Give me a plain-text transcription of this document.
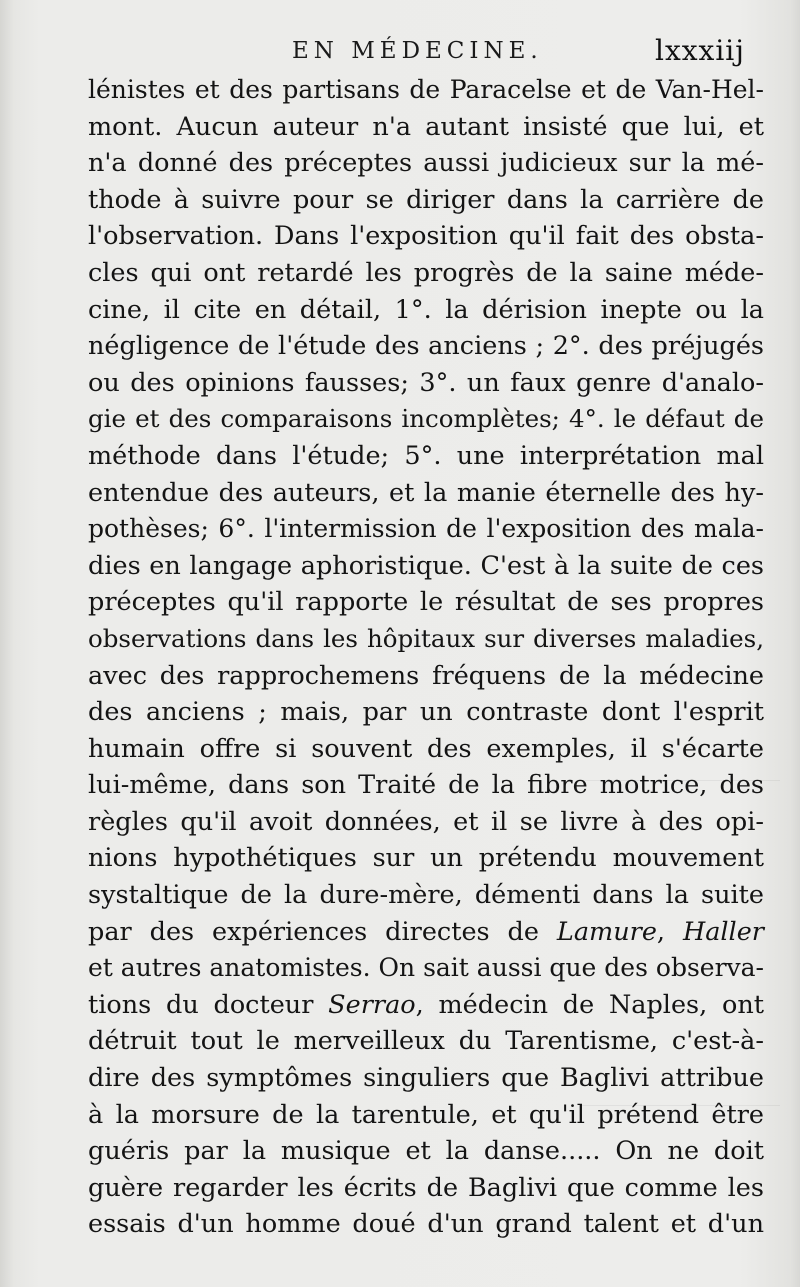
EN MÉDECINE.	lxxxiij
lénistes et des partisans de Paracelse et de Van-Hel-
mont. Aucun auteur n'a autant insisté que lui, et
n'a donné des préceptes aussi judicieux sur la mé-
thode à suivre pour se diriger dans la carrière de
l'observation. Dans l'exposition qu'il fait des obsta-
cles qui ont retardé les progrès de la saine méde-
cine, il cite en détail, 1°. la dérision inepte ou la
négligence de l'étude des anciens ; 2°. des préjugés
ou des opinions fausses; 3°. un faux genre d'analo-
gie et des comparaisons incomplètes; 4°. le défaut de
méthode dans l'étude; 5°. une interprétation mal
entendue des auteurs, et la manie éternelle des hy-
pothèses; 6°. l'intermission de l'exposition des mala-
dies en langage aphoristique. C'est à la suite de ces
préceptes qu'il rapporte le résultat de ses propres
observations dans les hôpitaux sur diverses maladies,
avec des rapprochemens fréquens de la médecine
des anciens ; mais, par un contraste dont l'esprit
humain offre si souvent des exemples, il s'écarte
lui-même, dans son Traité de la fibre motrice, des
règles qu'il avoit données, et il se livre à des opi-
nions hypothétiques sur un prétendu mouvement
systaltique de la dure-mère, démenti dans la suite
par des expériences directes de Lamure, Haller
et autres anatomistes. On sait aussi que des observa-
tions du docteur Serrao, médecin de Naples, ont
détruit tout le merveilleux du Tarentisme, c'est-à-
dire des symptômes singuliers que Baglivi attribue
à la morsure de la tarentule, et qu'il prétend être
guéris par la musique et la danse..... On ne doit
guère regarder les écrits de Baglivi que comme les
essais d'un homme doué d'un grand talent et d'un
